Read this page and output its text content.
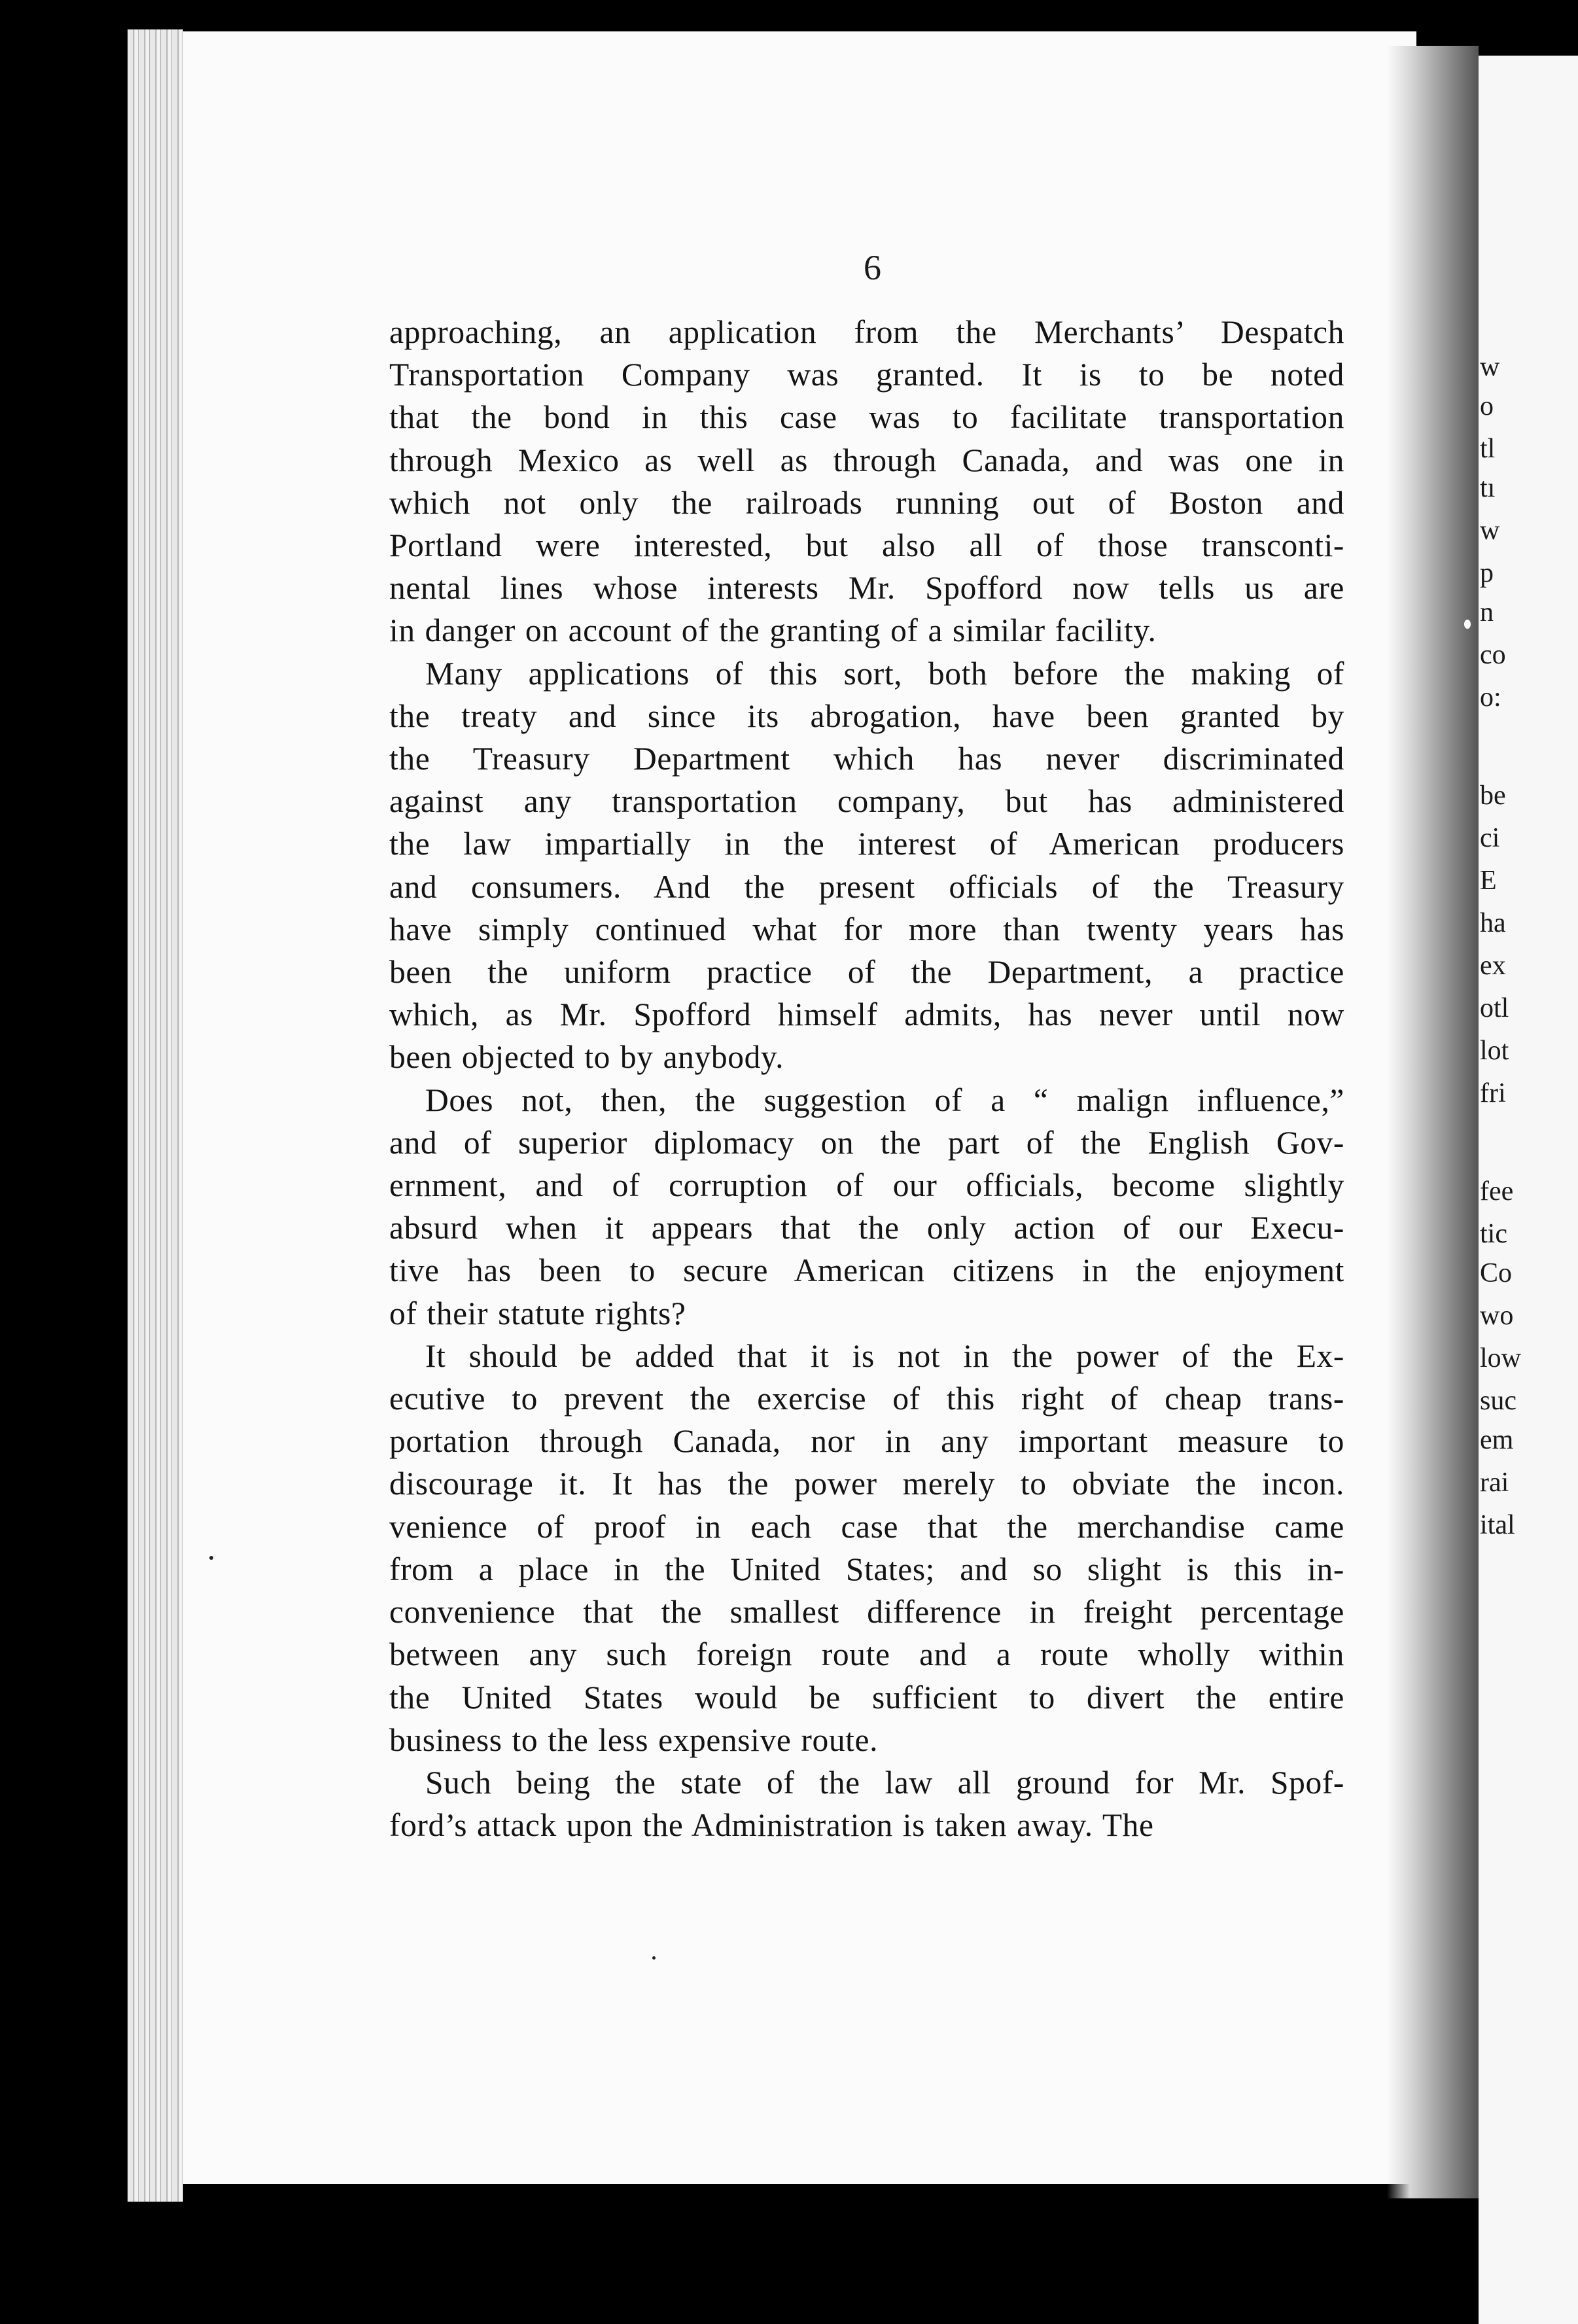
w
o
tl
tı
w
p
n
co
o:
be
ci
E
ha
ex
otl
lot
fri
fee
tic
Co
wo
low
suc
em
rai
ital
6
approaching, an application from the Merchants’ Despatch
Transportation Company was granted. It is to be noted
that the bond in this case was to facilitate transportation
through Mexico as well as through Canada, and was one in
which not only the railroads running out of Boston and
Portland were interested, but also all of those transconti-
nental lines whose interests Mr. Spofford now tells us are
in danger on account of the granting of a similar facility.
Many applications of this sort, both before the making of
the treaty and since its abrogation, have been granted by
the Treasury Department which has never discriminated
against any transportation company, but has administered
the law impartially in the interest of American producers
and consumers. And the present officials of the Treasury
have simply continued what for more than twenty years has
been the uniform practice of the Department, a practice
which, as Mr. Spofford himself admits, has never until now
been objected to by anybody.
Does not, then, the suggestion of a “ malign influence,”
and of superior diplomacy on the part of the English Gov-
ernment, and of corruption of our officials, become slightly
absurd when it appears that the only action of our Execu-
tive has been to secure American citizens in the enjoyment
of their statute rights?
It should be added that it is not in the power of the Ex-
ecutive to prevent the exercise of this right of cheap trans-
portation through Canada, nor in any important measure to
discourage it. It has the power merely to obviate the incon.
venience of proof in each case that the merchandise came
from a place in the United States; and so slight is this in-
convenience that the smallest difference in freight percentage
between any such foreign route and a route wholly within
the United States would be sufficient to divert the entire
business to the less expensive route.
Such being the state of the law all ground for Mr. Spof-
ford’s attack upon the Administration is taken away. The
